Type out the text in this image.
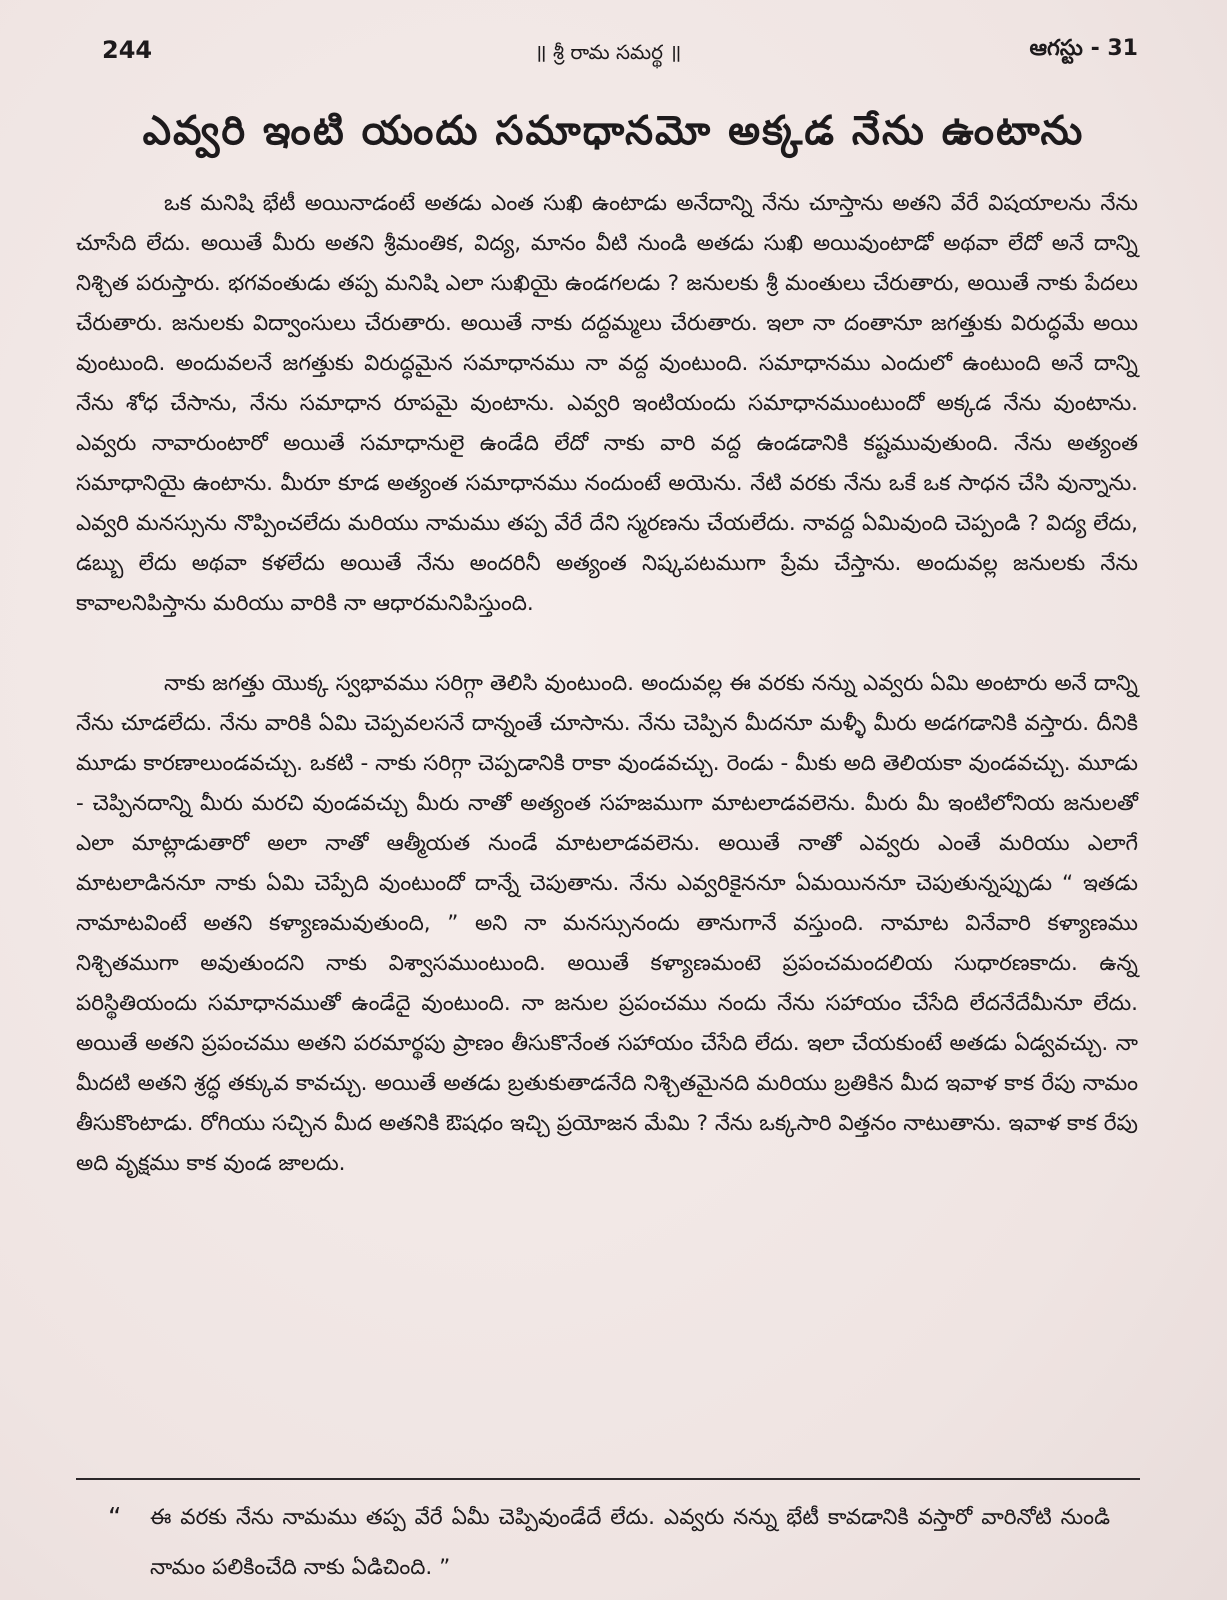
244	॥ శ్రీ రామ సమర్థ ॥	ఆగస్టు - 31
ఎవ్వరి ఇంటి యందు సమాధానమో అక్కడ నేను ఉంటాను

ఒక మనిషి భేటీ అయినాడంటే అతడు ఎంత సుఖి ఉంటాడు అనేదాన్ని నేను చూస్తాను అతని వేరే విషయాలను నేను చూసేది లేదు. అయితే మీరు అతని శ్రీమంతిక, విద్య, మానం వీటి నుండి అతడు సుఖి అయివుంటాడో అథవా లేదో అనే దాన్ని నిశ్చిత పరుస్తారు. భగవంతుడు తప్ప మనిషి ఎలా సుఖియై ఉండగలడు ? జనులకు శ్రీ మంతులు చేరుతారు, అయితే నాకు పేదలు చేరుతారు. జనులకు విద్వాంసులు చేరుతారు. అయితే నాకు దద్దమ్మలు చేరుతారు. ఇలా నా దంతానూ జగత్తుకు విరుద్ధమే అయి వుంటుంది. అందువలనే జగత్తుకు విరుద్ధమైన సమాధానము నా వద్ద వుంటుంది. సమాధానము ఎందులో ఉంటుంది అనే దాన్ని నేను శోధ చేసాను, నేను సమాధాన రూపమై వుంటాను. ఎవ్వరి ఇంటియందు సమాధానముంటుందో అక్కడ నేను వుంటాను. ఎవ్వరు నావారుంటారో అయితే సమాధానులై ఉండేది లేదో నాకు వారి వద్ద ఉండడానికి కష్టమువుతుంది. నేను అత్యంత సమాధానియై ఉంటాను. మీరూ కూడ అత్యంత సమాధానము నందుంటే అయెను. నేటి వరకు నేను ఒకే ఒక సాధన చేసి వున్నాను. ఎవ్వరి మనస్సును నొప్పించలేదు మరియు నామము తప్ప వేరే దేని స్మరణను చేయలేదు. నావద్ద ఏమివుంది చెప్పండి ? విద్య లేదు, డబ్బు లేదు అథవా కళలేదు అయితే నేను అందరినీ అత్యంత నిష్కపటముగా ప్రేమ చేస్తాను. అందువల్ల జనులకు నేను కావాలనిపిస్తాను మరియు వారికి నా ఆధారమనిపిస్తుంది.

నాకు జగత్తు యొక్క స్వభావము సరిగ్గా తెలిసి వుంటుంది. అందువల్ల ఈ వరకు నన్ను ఎవ్వరు ఏమి అంటారు అనే దాన్ని నేను చూడలేదు. నేను వారికి ఏమి చెప్పవలసనే దాన్నంతే చూసాను. నేను చెప్పిన మీదనూ మళ్ళీ మీరు అడగడానికి వస్తారు. దీనికి మూడు కారణాలుండవచ్చు. ఒకటి - నాకు సరిగ్గా చెప్పడానికి రాకా వుండవచ్చు. రెండు - మీకు అది తెలియకా వుండవచ్చు. మూడు - చెప్పినదాన్ని మీరు మరచి వుండవచ్చు మీరు నాతో అత్యంత సహజముగా మాటలాడవలెను. మీరు మీ ఇంటిలోనియ జనులతో ఎలా మాట్లాడుతారో అలా నాతో ఆత్మీయత నుండే మాటలాడవలెను. అయితే నాతో ఎవ్వరు ఎంతే మరియు ఎలాగే మాటలాడిననూ నాకు ఏమి చెప్పేది వుంటుందో దాన్నే చెపుతాను. నేను ఎవ్వరికైననూ ఏమయిననూ చెపుతున్నప్పుడు “ ఇతడు నామాటవింటే అతని కళ్యాణమవుతుంది, ” అని నా మనస్సునందు తానుగానే వస్తుంది. నామాట వినేవారి కళ్యాణము నిశ్చితముగా అవుతుందని నాకు విశ్వాసముంటుంది. అయితే కళ్యాణమంటె ప్రపంచమందలియ సుధారణకాదు. ఉన్న పరిస్థితియందు సమాధానముతో ఉండేదై వుంటుంది. నా జనుల ప్రపంచము నందు నేను సహాయం చేసేది లేదనేదేమీనూ లేదు. అయితే అతని ప్రపంచము అతని పరమార్థపు ప్రాణం తీసుకొనేంత సహాయం చేసేది లేదు. ఇలా చేయకుంటే అతడు ఏడ్వవచ్చు. నా మీదటి అతని శ్రద్ధ తక్కువ కావచ్చు. అయితే అతడు బ్రతుకుతాడనేది నిశ్చితమైనది మరియు బ్రతికిన మీద ఇవాళ కాక రేపు నామం తీసుకొంటాడు. రోగియు సచ్చిన మీద అతనికి ఔషధం ఇచ్చి ప్రయోజన మేమి ? నేను ఒక్కసారి విత్తనం నాటుతాను. ఇవాళ కాక రేపు అది వృక్షము కాక వుండ జాలదు.

“	ఈ వరకు నేను నామము తప్ప వేరే ఏమీ చెప్పివుండేదే లేదు. ఎవ్వరు నన్ను భేటీ కావడానికి వస్తారో వారినోటి నుండి నామం పలికించేది నాకు ఏడిచింది. ”
